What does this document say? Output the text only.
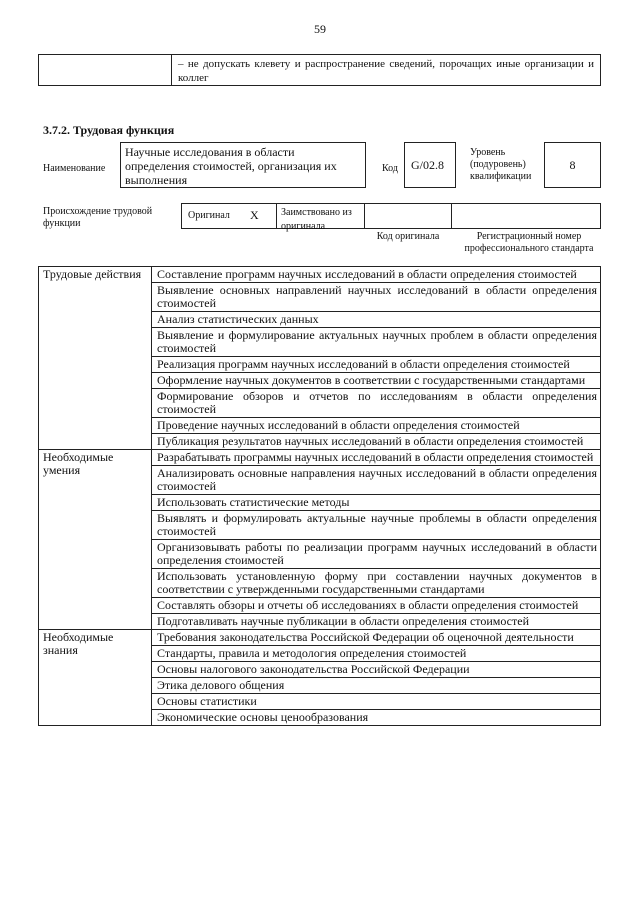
59

– не допускать клевету и распространение сведений, порочащих иные организации и коллег
3.7.2. Трудовая функция
Наименование
Научные исследования в области определения стоимостей, организация их выполнения
Код	G/02.8
Уровень (подуровень) квалификации
8
Происхождение трудовой функции
Оригинал X	Заимствовано из оригинала
Код оригинала	Регистрационный номер профессионального стандарта
Трудовые действия	Составление программ научных исследований в области определения стоимостей
	Выявление основных направлений научных исследований в области определения стоимостей
	Анализ статистических данных
	Выявление и формулирование актуальных научных проблем в области определения стоимостей
	Реализация программ научных исследований в области определения стоимостей
	Оформление научных документов в соответствии с государственными стандартами
	Формирование обзоров и отчетов по исследованиям в области определения стоимостей
	Проведение научных исследований в области определения стоимостей
	Публикация результатов научных исследований в области определения стоимостей
Необходимые умения	Разрабатывать программы научных исследований в области определения стоимостей
	Анализировать основные направления научных исследований в области определения стоимостей
	Использовать статистические методы
	Выявлять и формулировать актуальные научные проблемы в области определения стоимостей
	Организовывать работы по реализации программ научных исследований в области определения стоимостей
	Использовать установленную форму при составлении научных документов в соответствии с утвержденными государственными стандартами
	Составлять обзоры и отчеты об исследованиях в области определения стоимостей
	Подготавливать научные публикации в области определения стоимостей
Необходимые знания	Требования законодательства Российской Федерации об оценочной деятельности
	Стандарты, правила и методология определения стоимостей
	Основы налогового законодательства Российской Федерации
	Этика делового общения
	Основы статистики
	Экономические основы ценообразования
